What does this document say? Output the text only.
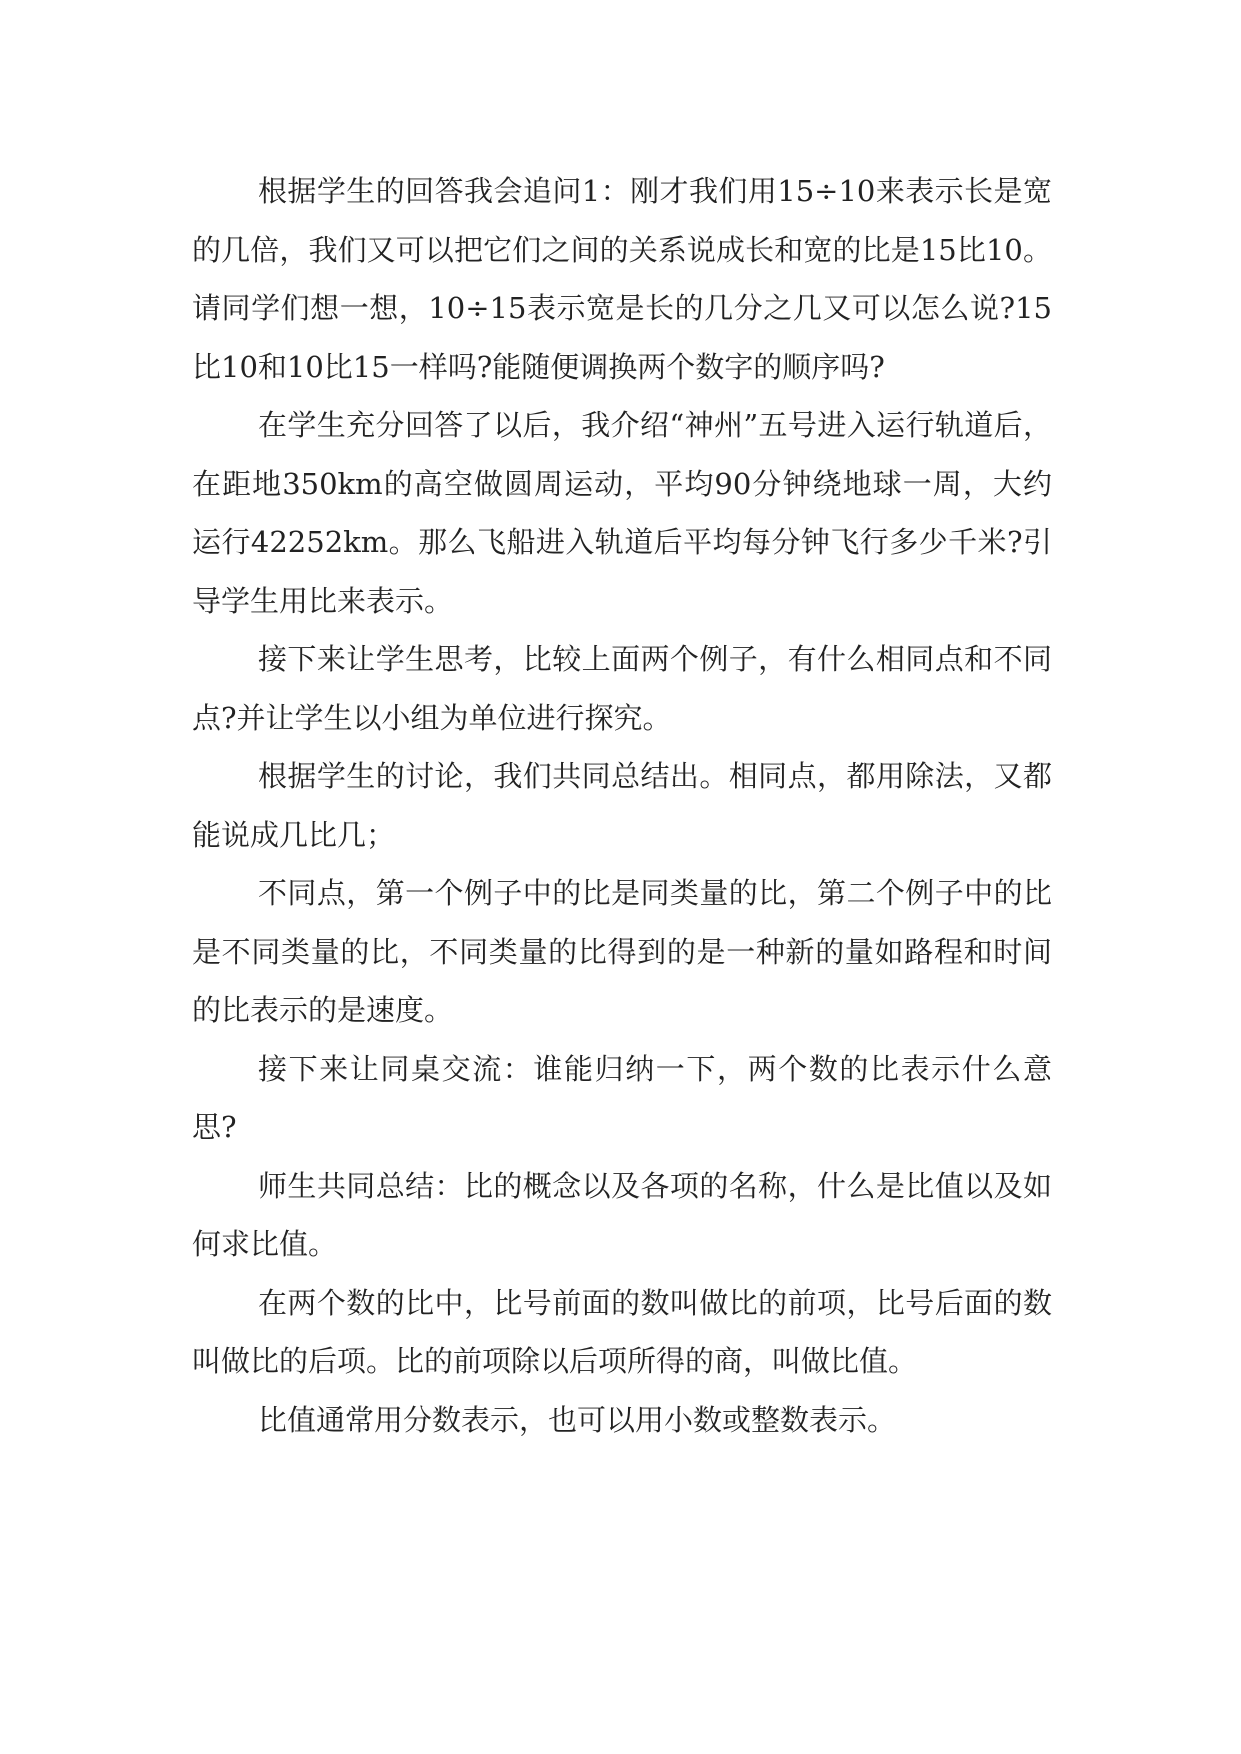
根据学生的回答我会追问1：刚才我们用15÷10来表示长是宽的几倍，我们又可以把它们之间的关系说成长和宽的比是15比10。请同学们想一想，10÷15表示宽是长的几分之几又可以怎么说?15比10和10比15一样吗?能随便调换两个数字的顺序吗?

在学生充分回答了以后，我介绍“神州”五号进入运行轨道后，在距地350km的高空做圆周运动，平均90分钟绕地球一周，大约运行42252km。那么飞船进入轨道后平均每分钟飞行多少千米?引导学生用比来表示。

接下来让学生思考，比较上面两个例子，有什么相同点和不同点?并让学生以小组为单位进行探究。

根据学生的讨论，我们共同总结出。相同点，都用除法，又都能说成几比几；

不同点，第一个例子中的比是同类量的比，第二个例子中的比是不同类量的比，不同类量的比得到的是一种新的量如路程和时间的比表示的是速度。

接下来让同桌交流：谁能归纳一下，两个数的比表示什么意思?

师生共同总结：比的概念以及各项的名称，什么是比值以及如何求比值。

在两个数的比中，比号前面的数叫做比的前项，比号后面的数叫做比的后项。比的前项除以后项所得的商，叫做比值。

比值通常用分数表示，也可以用小数或整数表示。
